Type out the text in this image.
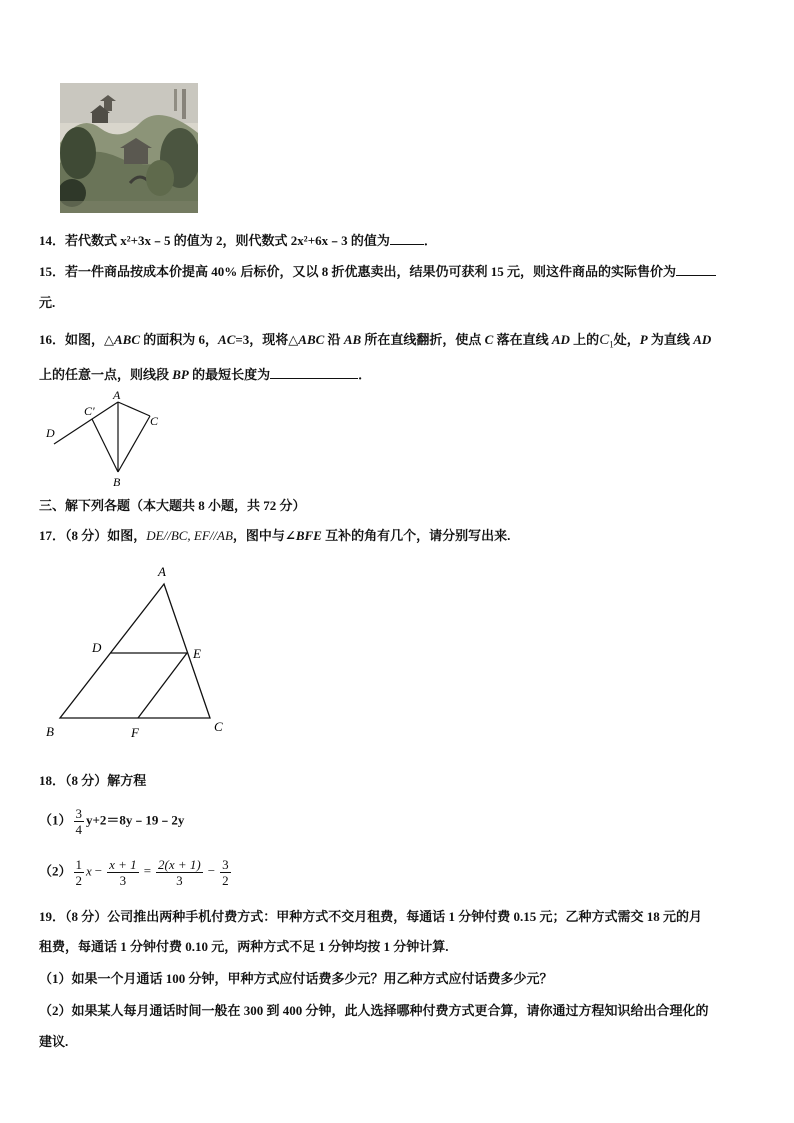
14．若代数式 x²+3x﹣5 的值为 2，则代数式 2x²+6x﹣3 的值为	．
15．若一件商品按成本价提高 40% 后标价，又以 8 折优惠卖出，结果仍可获利 15 元，则这件商品的实际售价为
元.
16．如图，△ABC 的面积为 6，AC=3，现将△ABC 沿 AB 所在直线翻折，使点 C 落在直线 AD 上的$C_1$处，P 为直线 AD
上的任意一点，则线段 BP 的最短长度为	．
A
B
C
C'
D
三、解下列各题（本大题共 8 小题，共 72 分）
17．（8 分）如图，DE//BC, EF//AB，图中与∠BFE 互补的角有几个，请分别写出来.
A
B	C
D	E
F
18．（8 分）解方程
$(1) \frac{3}{4}$ y+2＝8y﹣19﹣2y
$(2) \frac{1}{2}$ $x - \frac{x + 1}{3} = \frac{2(x + 1)}{3} - \frac{3}{2}$
19．（8 分）公司推出两种手机付费方式：甲种方式不交月租费，每通话 1 分钟付费 0.15 元；乙种方式需交 18 元的月
租费，每通话 1 分钟付费 0.10 元，两种方式不足 1 分钟均按 1 分钟计算.
（1）如果一个月通话 100 分钟，甲种方式应付话费多少元？用乙种方式应付话费多少元？
（2）如果某人每月通话时间一般在 300 到 400 分钟，此人选择哪种付费方式更合算，请你通过方程知识给出合理化的
建议.
